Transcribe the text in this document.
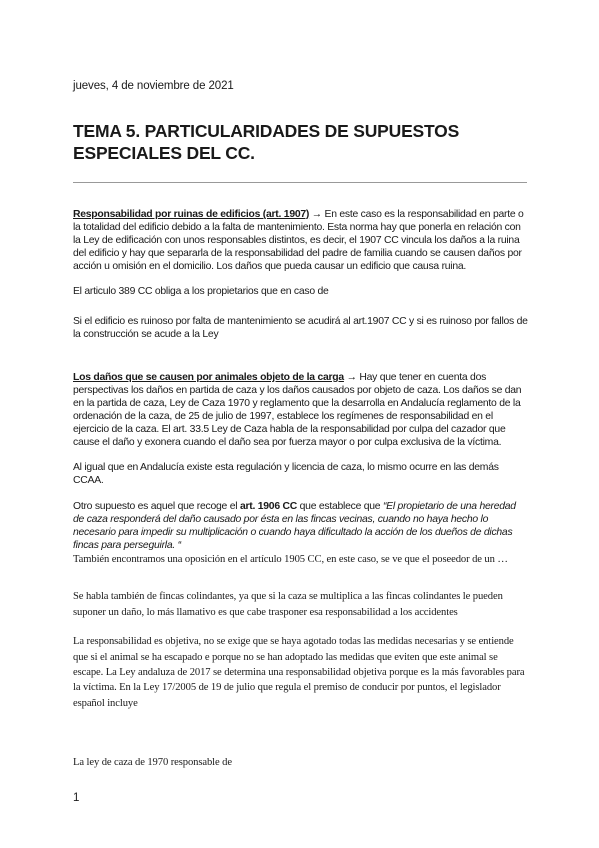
jueves, 4 de noviembre de 2021
TEMA 5. PARTICULARIDADES DE SUPUESTOS ESPECIALES DEL CC.

Responsabilidad por ruinas de edificios (art. 1907) → En este caso es la responsabilidad en parte o la totalidad del edificio debido a la falta de mantenimiento. Esta norma hay que ponerla en relación con la Ley de edificación con unos responsables distintos, es decir, el 1907 CC vincula los daños a la ruina del edificio y hay que separarla de la responsabilidad del padre de familia cuando se causen daños por acción u omisión en el domicilio. Los daños que pueda causar un edificio que causa ruina.

El articulo 389 CC obliga a los propietarios que en caso de

Si el edificio es ruinoso por falta de mantenimiento se acudirá al art.1907 CC y si es ruinoso por fallos de la construcción se acude a la Ley

Los daños que se causen por animales objeto de la carga → Hay que tener en cuenta dos perspectivas los daños en partida de caza y los daños causados por objeto de caza. Los daños se dan en la partida de caza, Ley de Caza 1970 y reglamento que la desarrolla en Andalucía reglamento de la ordenación de la caza, de 25 de julio de 1997, establece los regímenes de responsabilidad en el ejercicio de la caza. El art. 33.5 Ley de Caza habla de la responsabilidad por culpa del cazador que cause el daño y exonera cuando el daño sea por fuerza mayor o por culpa exclusiva de la víctima.

Al igual que en Andalucía existe esta regulación y licencia de caza, lo mismo ocurre en las demás CCAA.

Otro supuesto es aquel que recoge el art. 1906 CC que establece que “El propietario de una heredad de caza responderá del daño causado por ésta en las fincas vecinas, cuando no haya hecho lo necesario para impedir su multiplicación o cuando haya dificultado la acción de los dueños de dichas fincas para perseguirla. “

También encontramos una oposición en el artículo 1905 CC, en este caso, se ve que el poseedor de un …

Se habla también de fincas colindantes, ya que si la caza se multiplica a las fincas colindantes le pueden suponer un daño, lo más llamativo es que cabe trasponer esa responsabilidad a los accidentes

La responsabilidad es objetiva, no se exige que se haya agotado todas las medidas necesarias y se entiende que si el animal se ha escapado e porque no se han adoptado las medidas que eviten que este animal se escape. La Ley andaluza de 2017 se determina una responsabilidad objetiva porque es la más favorables para la víctima. En la Ley 17/2005 de 19 de julio que regula el premiso de conducir por puntos, el legislador español incluye

La ley de caza de 1970 responsable de

1
